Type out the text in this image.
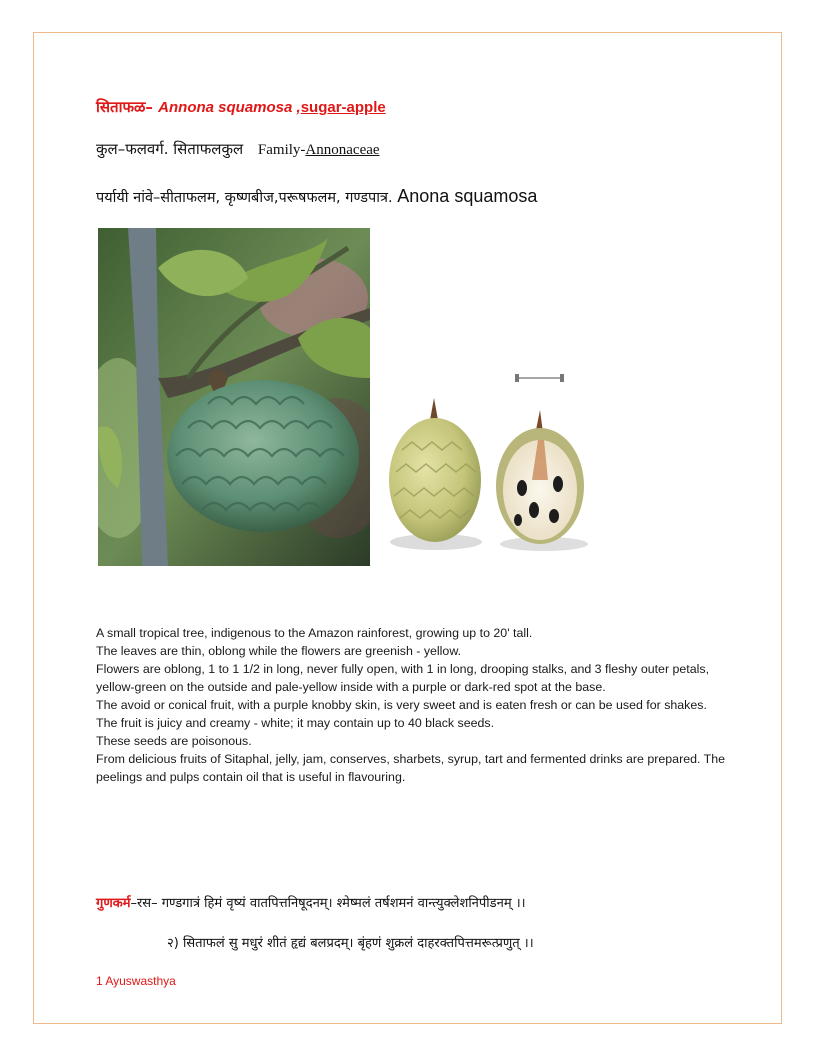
सिताफळ– Annona squamosa ,sugar-apple
कुल–फलवर्ग. सिताफलकुल Family-Annonaceae
पर्यायी नांवे–सीताफलम, कृष्णबीज,परूषफलम, गण्डपात्र. Anona squamosa

A small tropical tree, indigenous to the Amazon rainforest, growing up to 20' tall.

The leaves are thin, oblong while the flowers are greenish - yellow.

Flowers are oblong, 1 to 1 1/2 in long, never fully open, with 1 in long, drooping stalks, and 3 fleshy outer petals, yellow-green on the outside and pale-yellow inside with a purple or dark-red spot at the base.

The avoid or conical fruit, with a purple knobby skin, is very sweet and is eaten fresh or can be used for shakes.

The fruit is juicy and creamy - white; it may contain up to 40 black seeds.

These seeds are poisonous.

From delicious fruits of Sitaphal, jelly, jam, conserves, sharbets, syrup, tart and fermented drinks are prepared. The peelings and pulps contain oil that is useful in flavouring.

गुणकर्म–रस– गण्डगात्रं हिमं वृष्यं वातपित्तनिषूदनम्। श्मेष्मलं तर्षशमनं वान्त्युक्लेशनिपीडनम् ।।
२) सिताफलं सु मधुरं शीतं हृद्यं बलप्रदम्। बृंहणं शुक्रलं दाहरक्तपित्तमरूत्प्रणुत् ।।
1 Ayuswasthya
